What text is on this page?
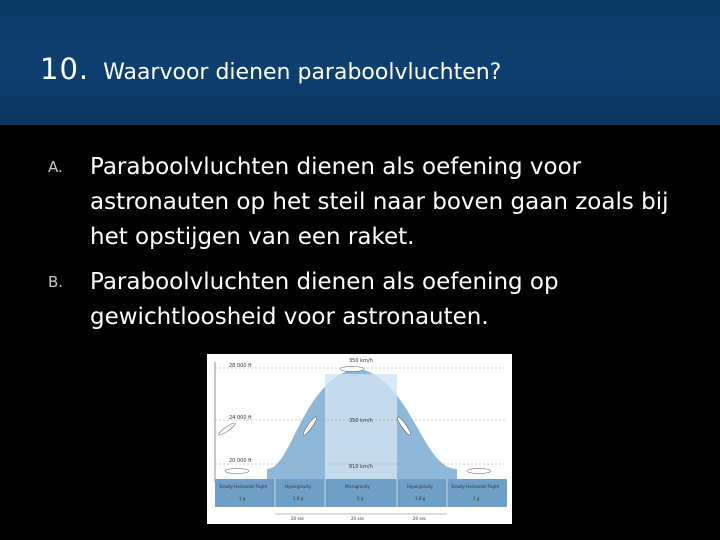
10. Waarvoor dienen paraboolvluchten?
A.	Paraboolvluchten dienen als oefening voor astronauten op het steil naar boven gaan zoals bij het opstijgen van een raket.
B.	Paraboolvluchten dienen als oefening op gewichtloosheid voor astronauten.
28 000 ft
24 000 ft
20 000 ft
350 km/h
350 km/h
810 km/h
Steady Horizontal Flight	Hypergravity	Microgravity	Hypergravity	Steady Horizontal Flight
1 g	1.8 g	0 g	1.8 g	1 g
20 sec	20 sec	20 sec
